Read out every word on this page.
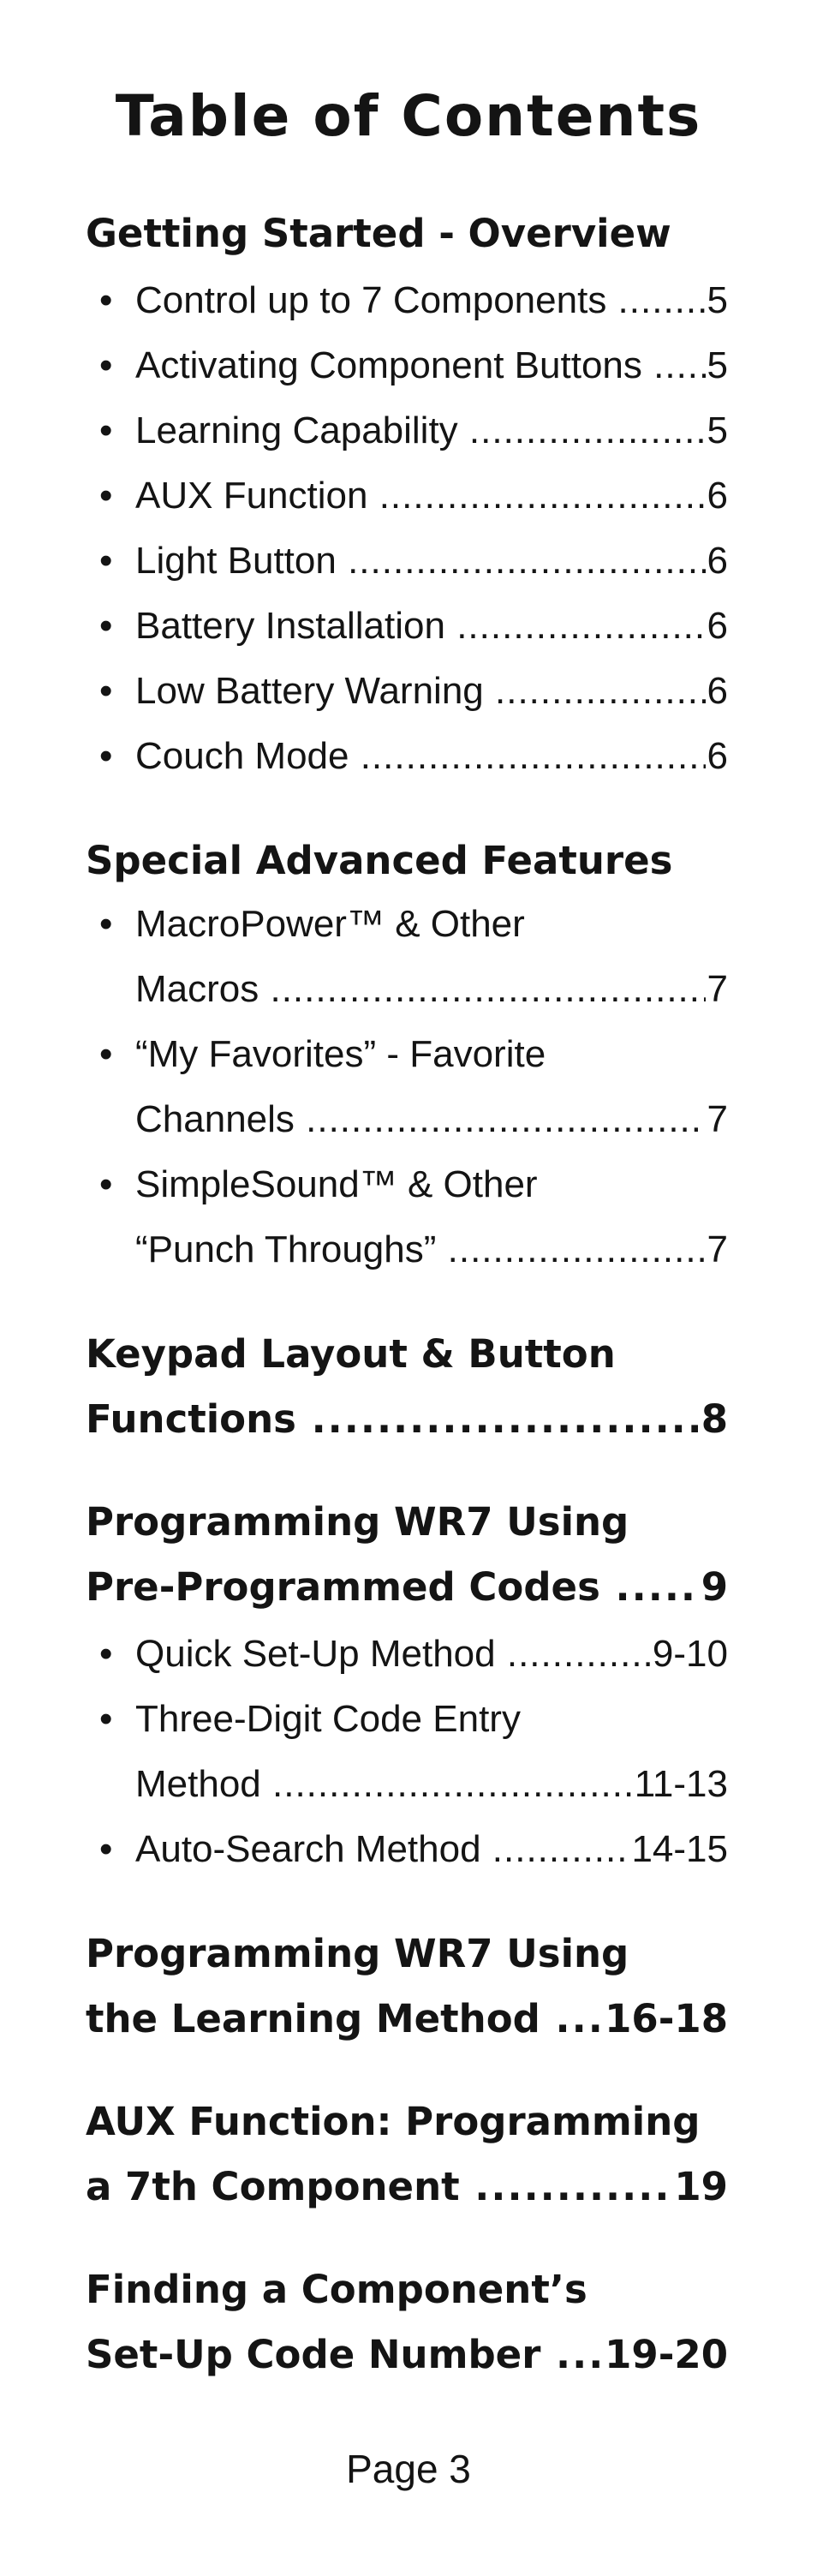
Table of Contents
Getting Started - Overview
• Control up to 7 Components .....	5
• Activating Component Buttons .....	5
• Learning Capability .....	5
• AUX Function .....	6
• Light Button .....	6
• Battery Installation .....	6
• Low Battery Warning .....	6
• Couch Mode .....	6
Special Advanced Features
• MacroPower™ & Other
Macros .....	7
• “My Favorites” - Favorite
Channels .....	7
• SimpleSound™ & Other
“Punch Throughs” .....	7
Keypad Layout & Button
Functions .....	8
Programming WR7 Using
Pre-Programmed Codes .....	9
• Quick Set-Up Method .....	9-10
• Three-Digit Code Entry
Method .....	11-13
• Auto-Search Method .....	14-15
Programming WR7 Using
the Learning Method .....	16-18
AUX Function: Programming
a 7th Component .....	19
Finding a Component’s
Set-Up Code Number .....	19-20
Page 3
